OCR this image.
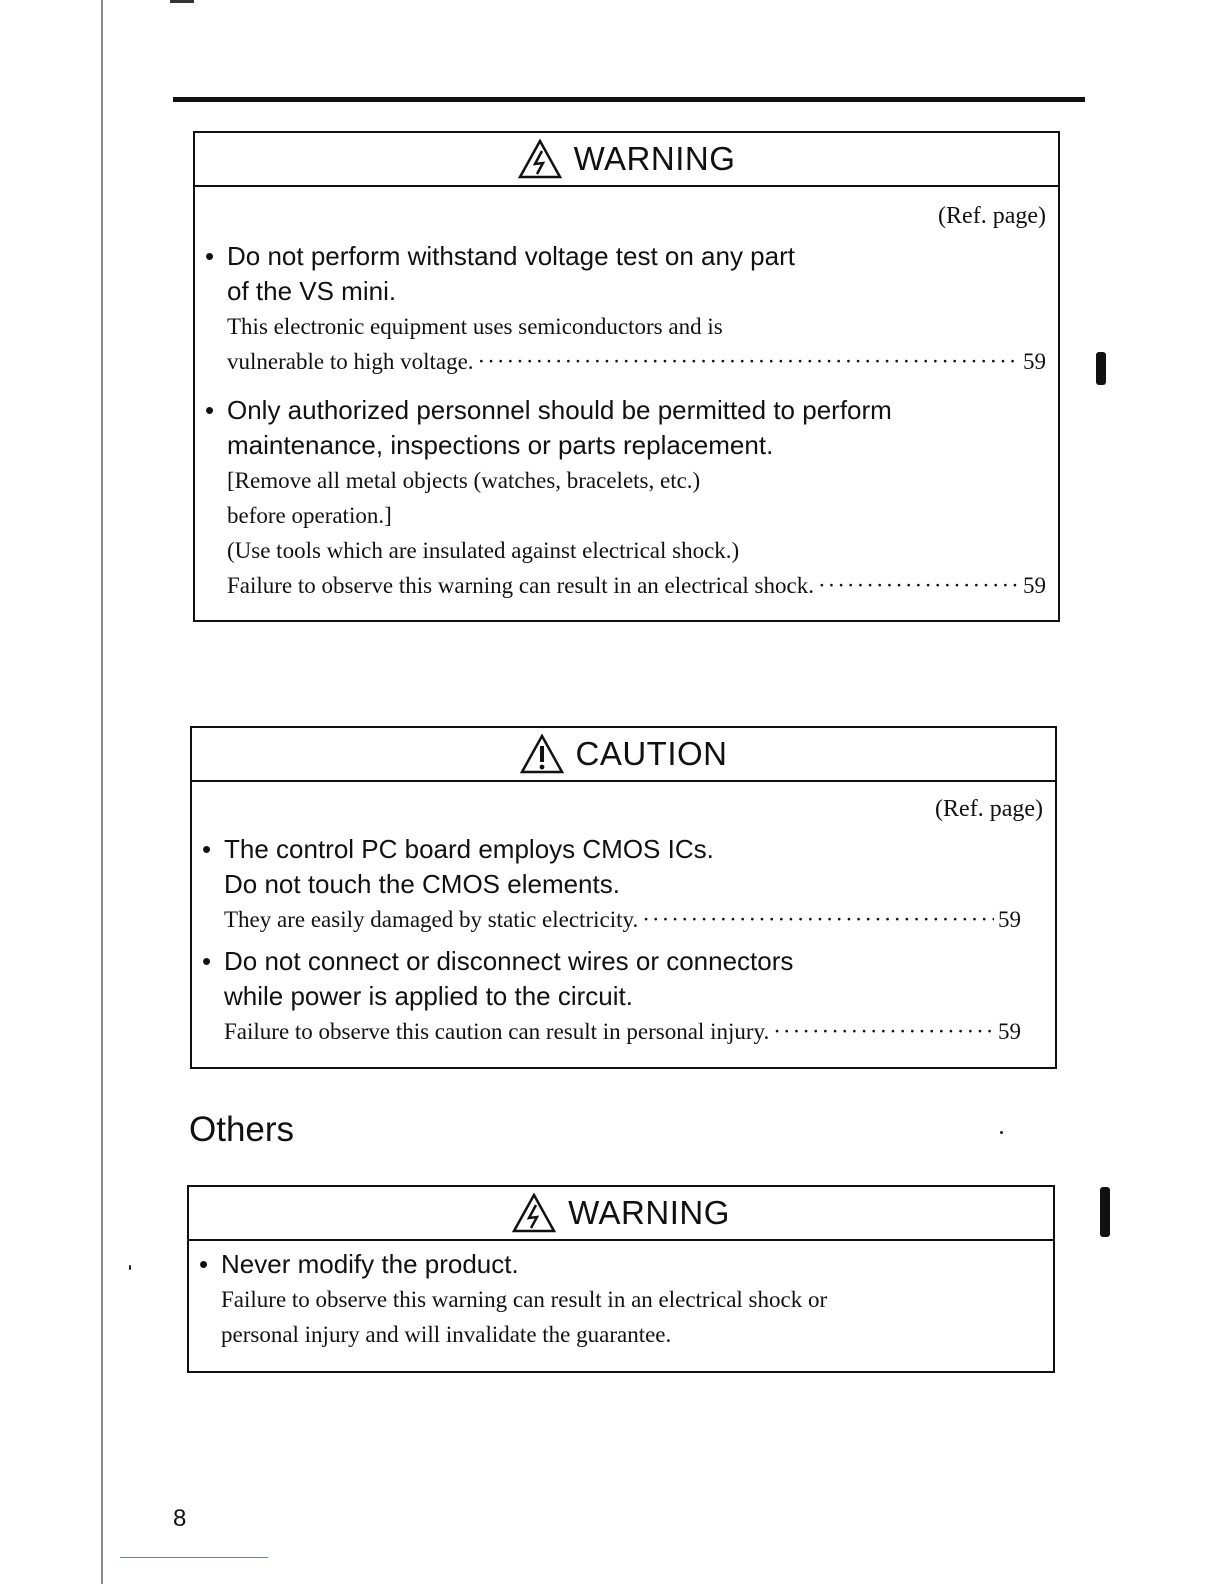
WARNING
(Ref. page)
• Do not perform withstand voltage test on any part
of the VS mini.
This electronic equipment uses semiconductors and is
vulnerable to high voltage. ·····	59
• Only authorized personnel should be permitted to perform
maintenance, inspections or parts replacement.
[Remove all metal objects (watches, bracelets, etc.)
before operation.]
(Use tools which are insulated against electrical shock.)
Failure to observe this warning can result in an electrical shock. ·····	59
CAUTION
(Ref. page)
• The control PC board employs CMOS ICs.
Do not touch the CMOS elements.
They are easily damaged by static electricity. ·····	59
• Do not connect or disconnect wires or connectors
while power is applied to the circuit.
Failure to observe this caution can result in personal injury. ·····	59
Others
WARNING
• Never modify the product.
Failure to observe this warning can result in an electrical shock or
personal injury and will invalidate the guarantee.
8
